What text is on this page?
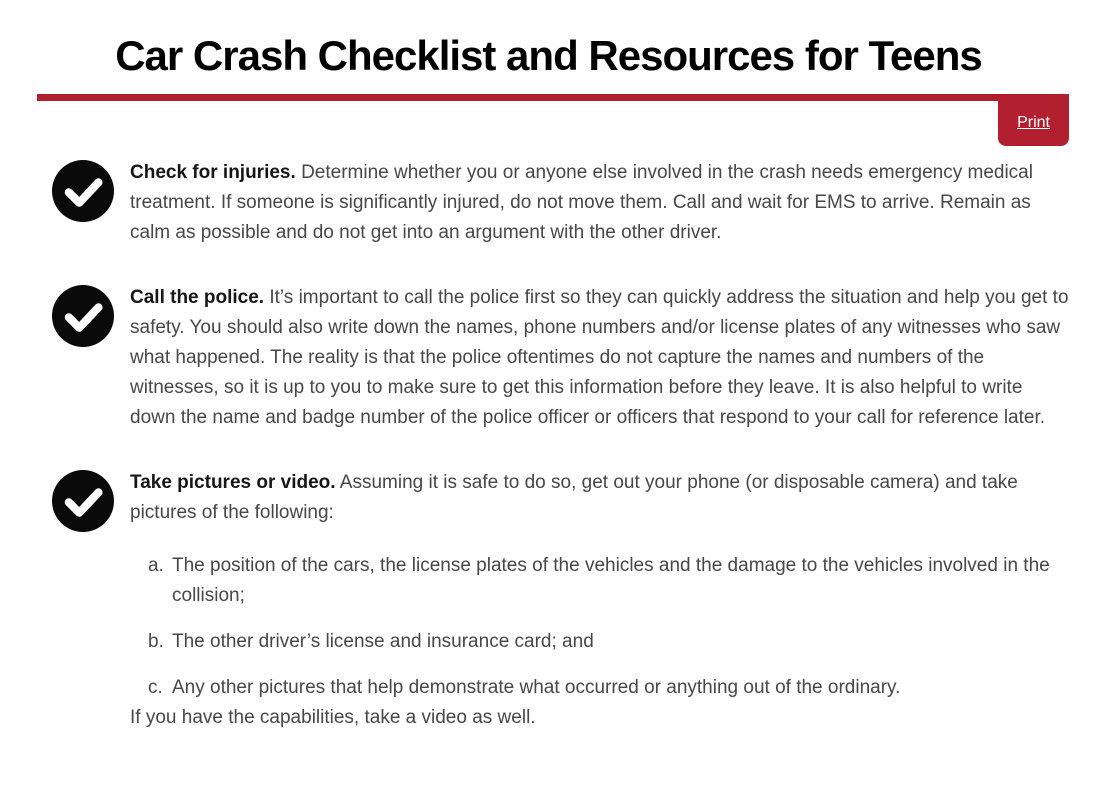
Car Crash Checklist and Resources for Teens
Print

Check for injuries. Determine whether you or anyone else involved in the crash needs emergency medical treatment. If someone is significantly injured, do not move them. Call and wait for EMS to arrive. Remain as calm as possible and do not get into an argument with the other driver.

Call the police. It’s important to call the police first so they can quickly address the situation and help you get to safety. You should also write down the names, phone numbers and/or license plates of any witnesses who saw what happened. The reality is that the police oftentimes do not capture the names and numbers of the witnesses, so it is up to you to make sure to get this information before they leave. It is also helpful to write down the name and badge number of the police officer or officers that respond to your call for reference later.

Take pictures or video. Assuming it is safe to do so, get out your phone (or disposable camera) and take pictures of the following:

a. The position of the cars, the license plates of the vehicles and the damage to the vehicles involved in the collision;
b. The other driver’s license and insurance card; and
c. Any other pictures that help demonstrate what occurred or anything out of the ordinary.

If you have the capabilities, take a video as well.
